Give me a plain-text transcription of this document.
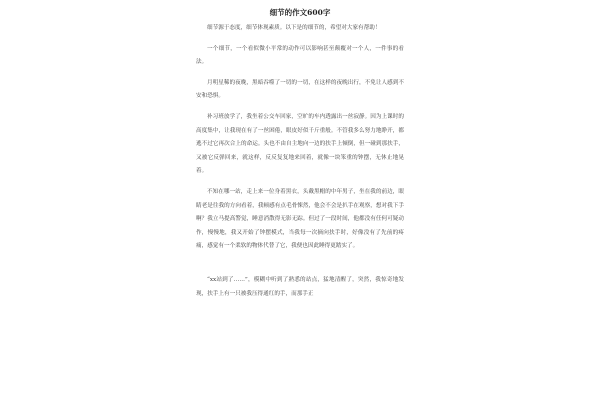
细节的作文600字

细节源于态度，细节体现素质。以下是的细节的，希望对大家有帮助！

一个细节，一个看似微小平常的动作可以影响甚至颠覆对一个人，一件事的看法。

月明星稀的夜晚，黑暗吞噬了一切的一切，在这样的夜晚出行，不免让人感到不安和恐惧。

补习班放学了，我坐着公交车回家，空旷的车内透露出一丝寂静。因为上课时的高度集中，让我现在有了一丝困倦，眼皮好似千斤重般。不管我多么努力地睁开，都逃不过它再次合上的命运。头也不由自主地向一边的扶手上倾倒，但一碰到那扶手，又被它反弹回来，就这样，反反复复地来回着，就像一块笨重的钟摆，无休止地晃着。

不知在哪一站，走上来一位身着黑衣，头戴黑帽的中年男子，坐在我的前边，眼睛老是往我的方向看着，我顿感有点毛骨悚然，他会不会是扒手在观察，想对我下手啊？我立马提高警觉，睡意消散得无影无踪。但过了一段时间，他都没有任何可疑动作，慢慢地，我又开始了钟摆模式，当我每一次摘向扶手时，好像没有了先前的疼痛，感觉有一个柔软的物体代替了它，我便也因此睡得更踏实了。

“xx站到了……”，模糊中听到了熟悉的站点，猛地清醒了，突然，我惊奇地发现，扶手上有一只被我压得通红的手，而那手正
